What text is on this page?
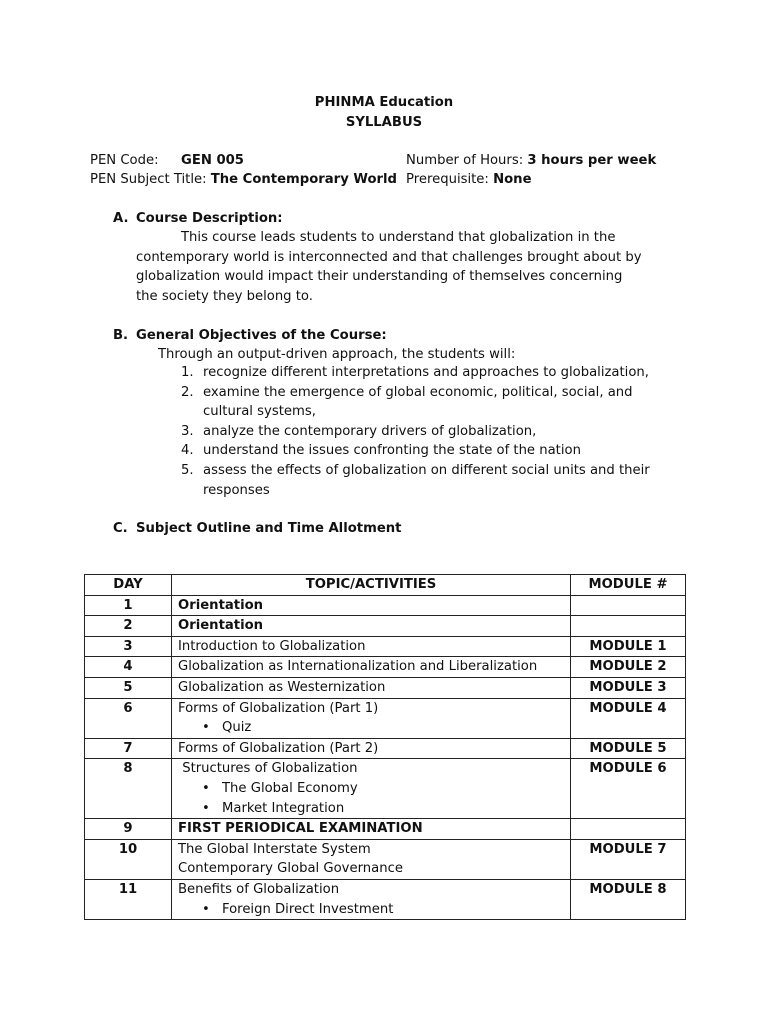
PHINMA Education
SYLLABUS
PEN Code: GEN 005	Number of Hours: 3 hours per week
PEN Subject Title: The Contemporary World Prerequisite: None
A. Course Description:
This course leads students to understand that globalization in the contemporary world is interconnected and that challenges brought about by globalization would impact their understanding of themselves concerning the society they belong to.
B. General Objectives of the Course:
Through an output-driven approach, the students will:
1. recognize different interpretations and approaches to globalization,
2. examine the emergence of global economic, political, social, and cultural systems,
3. analyze the contemporary drivers of globalization,
4. understand the issues confronting the state of the nation
5. assess the effects of globalization on different social units and their responses
C. Subject Outline and Time Allotment
DAY	TOPIC/ACTIVITIES	MODULE #
1	Orientation	
2	Orientation	
3	Introduction to Globalization	MODULE 1
4	Globalization as Internationalization and Liberalization	MODULE 2
5	Globalization as Westernization	MODULE 3
6	Forms of Globalization (Part 1)
• Quiz	MODULE 4
7	Forms of Globalization (Part 2)	MODULE 5
8	Structures of Globalization
• The Global Economy
• Market Integration	MODULE 6
9	FIRST PERIODICAL EXAMINATION	
10	The Global Interstate System
Contemporary Global Governance	MODULE 7
11	Benefits of Globalization
• Foreign Direct Investment	MODULE 8
